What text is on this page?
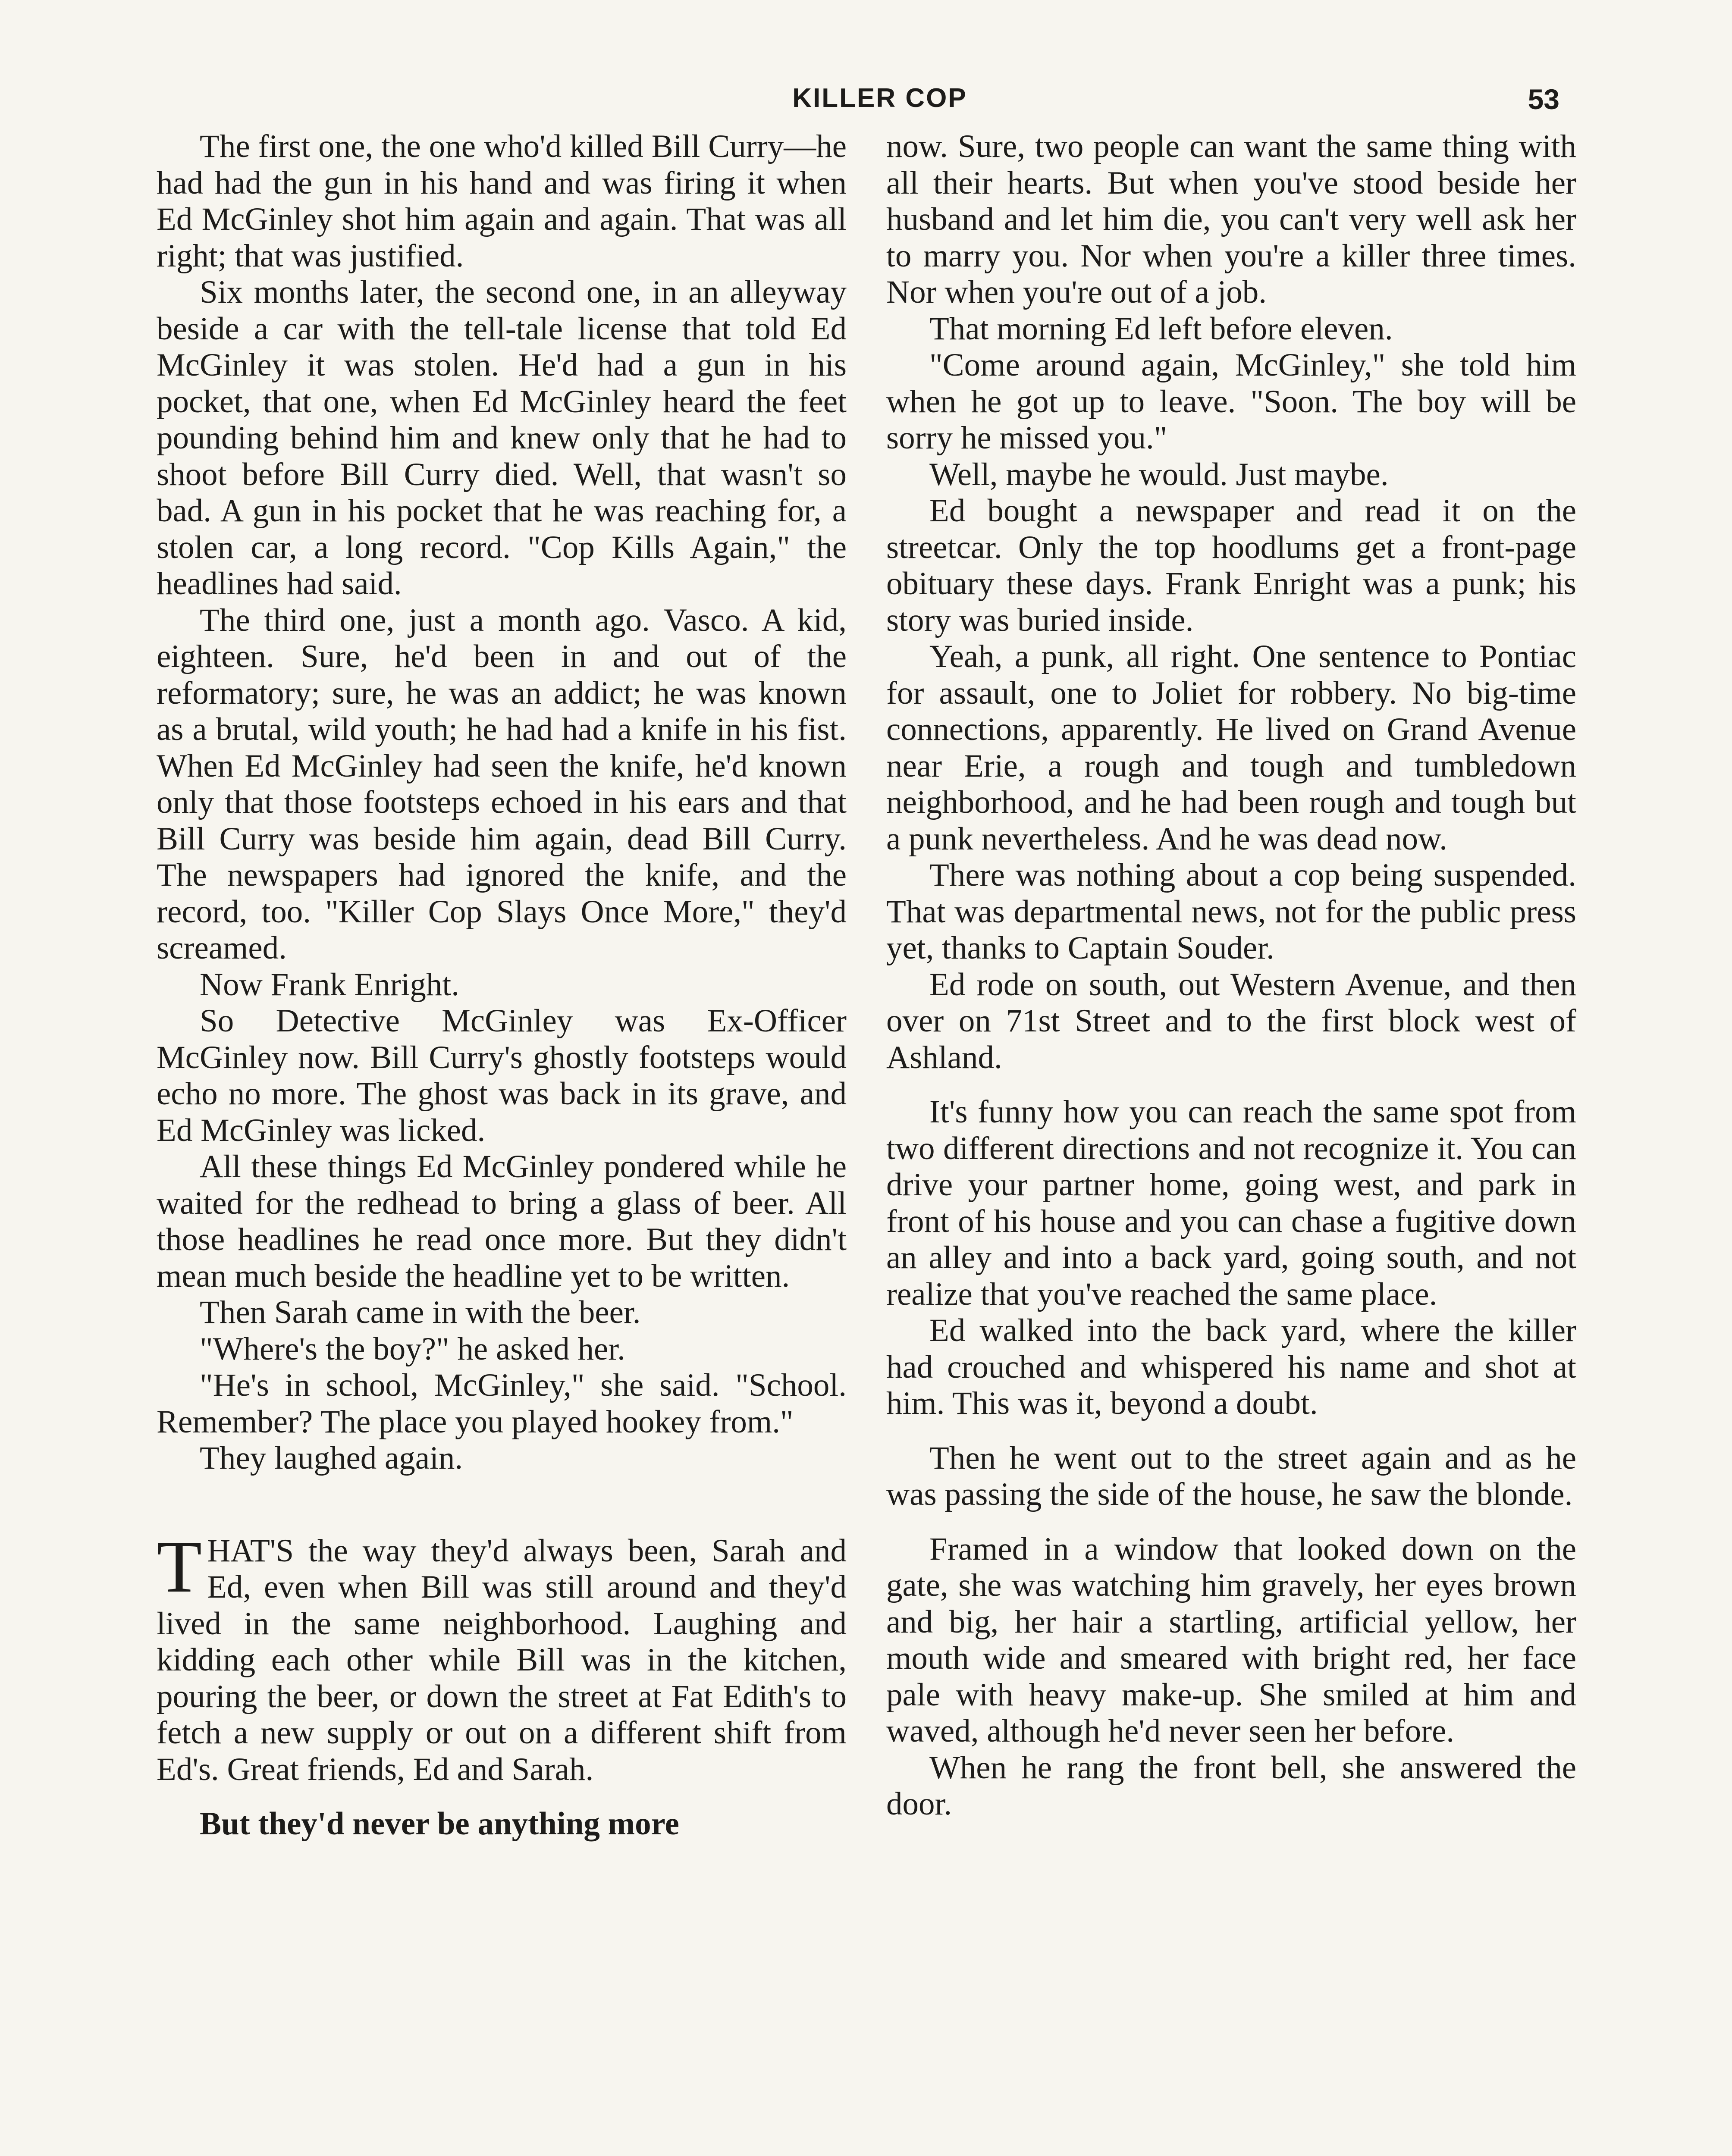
KILLER COP	53

The first one, the one who'd killed Bill Curry—he had had the gun in his hand and was firing it when Ed McGinley shot him again and again. That was all right; that was justified.

Six months later, the second one, in an alleyway beside a car with the tell-tale license that told Ed McGinley it was stolen. He'd had a gun in his pocket, that one, when Ed McGinley heard the feet pounding behind him and knew only that he had to shoot before Bill Curry died. Well, that wasn't so bad. A gun in his pocket that he was reaching for, a stolen car, a long record. "Cop Kills Again," the headlines had said.

The third one, just a month ago. Vasco. A kid, eighteen. Sure, he'd been in and out of the reformatory; sure, he was an addict; he was known as a brutal, wild youth; he had had a knife in his fist. When Ed McGinley had seen the knife, he'd known only that those footsteps echoed in his ears and that Bill Curry was beside him again, dead Bill Curry. The newspapers had ignored the knife, and the record, too. "Killer Cop Slays Once More," they'd screamed.

Now Frank Enright.

So Detective McGinley was Ex-Officer McGinley now. Bill Curry's ghostly footsteps would echo no more. The ghost was back in its grave, and Ed McGinley was licked.

All these things Ed McGinley pondered while he waited for the redhead to bring a glass of beer. All those headlines he read once more. But they didn't mean much beside the headline yet to be written.

Then Sarah came in with the beer.

"Where's the boy?" he asked her.

"He's in school, McGinley," she said. "School. Remember? The place you played hookey from."

They laughed again.

THAT'S the way they'd always been, Sarah and Ed, even when Bill was still around and they'd lived in the same neighborhood. Laughing and kidding each other while Bill was in the kitchen, pouring the beer, or down the street at Fat Edith's to fetch a new supply or out on a different shift from Ed's. Great friends, Ed and Sarah.

But they'd never be anything more

now. Sure, two people can want the same thing with all their hearts. But when you've stood beside her husband and let him die, you can't very well ask her to marry you. Nor when you're a killer three times. Nor when you're out of a job.

That morning Ed left before eleven.

"Come around again, McGinley," she told him when he got up to leave. "Soon. The boy will be sorry he missed you."

Well, maybe he would. Just maybe.

Ed bought a newspaper and read it on the streetcar. Only the top hoodlums get a front-page obituary these days. Frank Enright was a punk; his story was buried inside.

Yeah, a punk, all right. One sentence to Pontiac for assault, one to Joliet for robbery. No big-time connections, apparently. He lived on Grand Avenue near Erie, a rough and tough and tumbledown neighborhood, and he had been rough and tough but a punk nevertheless. And he was dead now.

There was nothing about a cop being suspended. That was departmental news, not for the public press yet, thanks to Captain Souder.

Ed rode on south, out Western Avenue, and then over on 71st Street and to the first block west of Ashland.

It's funny how you can reach the same spot from two different directions and not recognize it. You can drive your partner home, going west, and park in front of his house and you can chase a fugitive down an alley and into a back yard, going south, and not realize that you've reached the same place.

Ed walked into the back yard, where the killer had crouched and whispered his name and shot at him. This was it, beyond a doubt.

Then he went out to the street again and as he was passing the side of the house, he saw the blonde.

Framed in a window that looked down on the gate, she was watching him gravely, her eyes brown and big, her hair a startling, artificial yellow, her mouth wide and smeared with bright red, her face pale with heavy make-up. She smiled at him and waved, although he'd never seen her before.

When he rang the front bell, she answered the door.
